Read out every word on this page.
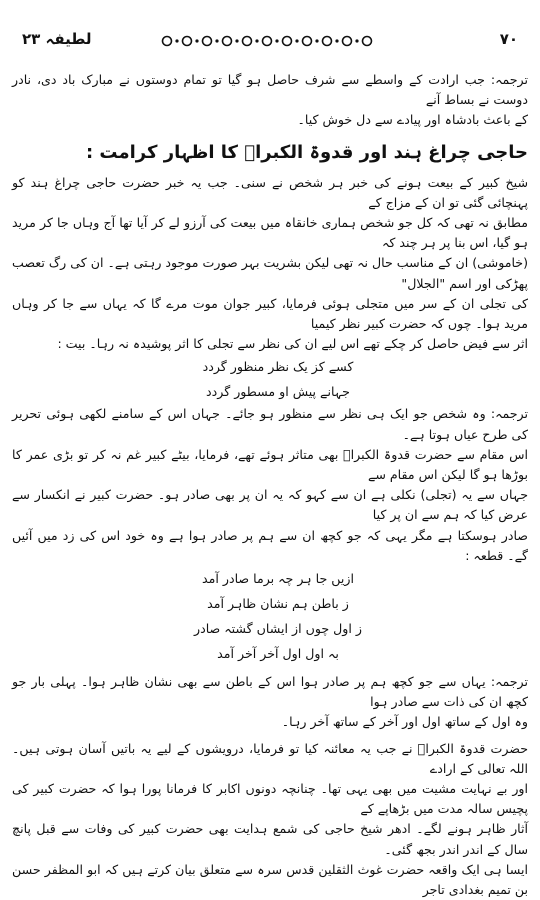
لطیفہ ۲۳	۷۰

ترجمہ: جب ارادت کے واسطے سے شرف حاصل ہو گیا تو تمام دوستوں نے مبارک باد دی، نادر دوست نے بساط آنے

کے باعث بادشاہ اور پیادے سے دل خوش کیا۔

حاجی چراغ ہند اور قدوۃ الکبراؒ کا اظہار کرامت :

شیخ کبیر کے بیعت ہونے کی خبر ہر شخص نے سنی۔ جب یہ خبر حضرت حاجی چراغ ہند کو پہنچائی گئی تو ان کے مزاج کے

مطابق نہ تھی کہ کل جو شخص ہماری خانقاہ میں بیعت کی آرزو لے کر آیا تھا آج وہاں جا کر مرید ہو گیا، اس بنا پر ہر چند کہ

(خاموشی) ان کے مناسب حال نہ تھی لیکن بشریت بہر صورت موجود رہتی ہے۔ ان کی رگ تعصب پھڑکی اور اسم "الجلال"

کی تجلی ان کے سر میں متجلی ہوئی فرمایا، کبیر جوان موت مرے گا کہ یہاں سے جا کر وہاں مرید ہوا۔ چوں کہ حضرت کبیر نظر کیمیا

اثر سے فیض حاصل کر چکے تھے اس لیے ان کی نظر سے تجلی کا اثر پوشیدہ نہ رہا۔ بیت :

کسے کز یک نظر منظور گردد
جہانے پیش او مسطور گردد

ترجمہ: وہ شخص جو ایک ہی نظر سے منظور ہو جائے۔ جہاں اس کے سامنے لکھی ہوئی تحریر کی طرح عیاں ہوتا ہے۔

اس مقام سے حضرت قدوۃ الکبراؒ بھی متاثر ہوئے تھے، فرمایا، بیٹے کبیر غم نہ کر تو بڑی عمر کا بوڑھا ہو گا لیکن اس مقام سے

جہاں سے یہ (تجلی) نکلی ہے ان سے کہو کہ یہ ان پر بھی صادر ہو۔ حضرت کبیر نے انکسار سے عرض کیا کہ ہم سے ان پر کیا

صادر ہوسکتا ہے مگر یہی کہ جو کچھ ان سے ہم پر صادر ہوا ہے وہ خود اس کی زد میں آئیں گے۔ قطعہ :

ازیں جا ہر چہ برما صادر آمد
ز باطن ہم نشان ظاہر آمد
ز اول چوں از ایشاں گشتہ صادر
بہ اول اول آخر آخر آمد

ترجمہ: یہاں سے جو کچھ ہم پر صادر ہوا اس کے باطن سے بھی نشان ظاہر ہوا۔ پہلی بار جو کچھ ان کی ذات سے صادر ہوا

وہ اول کے ساتھ اول اور آخر کے ساتھ آخر رہا۔

حضرت قدوۃ الکبراؒ نے جب یہ معائنہ کیا تو فرمایا، درویشوں کے لیے یہ باتیں آسان ہوتی ہیں۔ اللہ تعالی کے ارادے

اور بے نہایت مشیت میں بھی یہی تھا۔ چنانچہ دونوں اکابر کا فرمانا پورا ہوا کہ حضرت کبیر کی پچیس سالہ مدت میں بڑھاپے کے

آثار ظاہر ہونے لگے۔ ادھر شیخ حاجی کی شمع ہدایت بھی حضرت کبیر کی وفات سے قبل پانچ سال کے اندر اندر بجھ گئی۔

ایسا ہی ایک واقعہ حضرت غوث الثقلین قدس سرہ سے متعلق بیان کرتے ہیں کہ ابو المظفر حسن بن تمیم بغدادی تاجر
